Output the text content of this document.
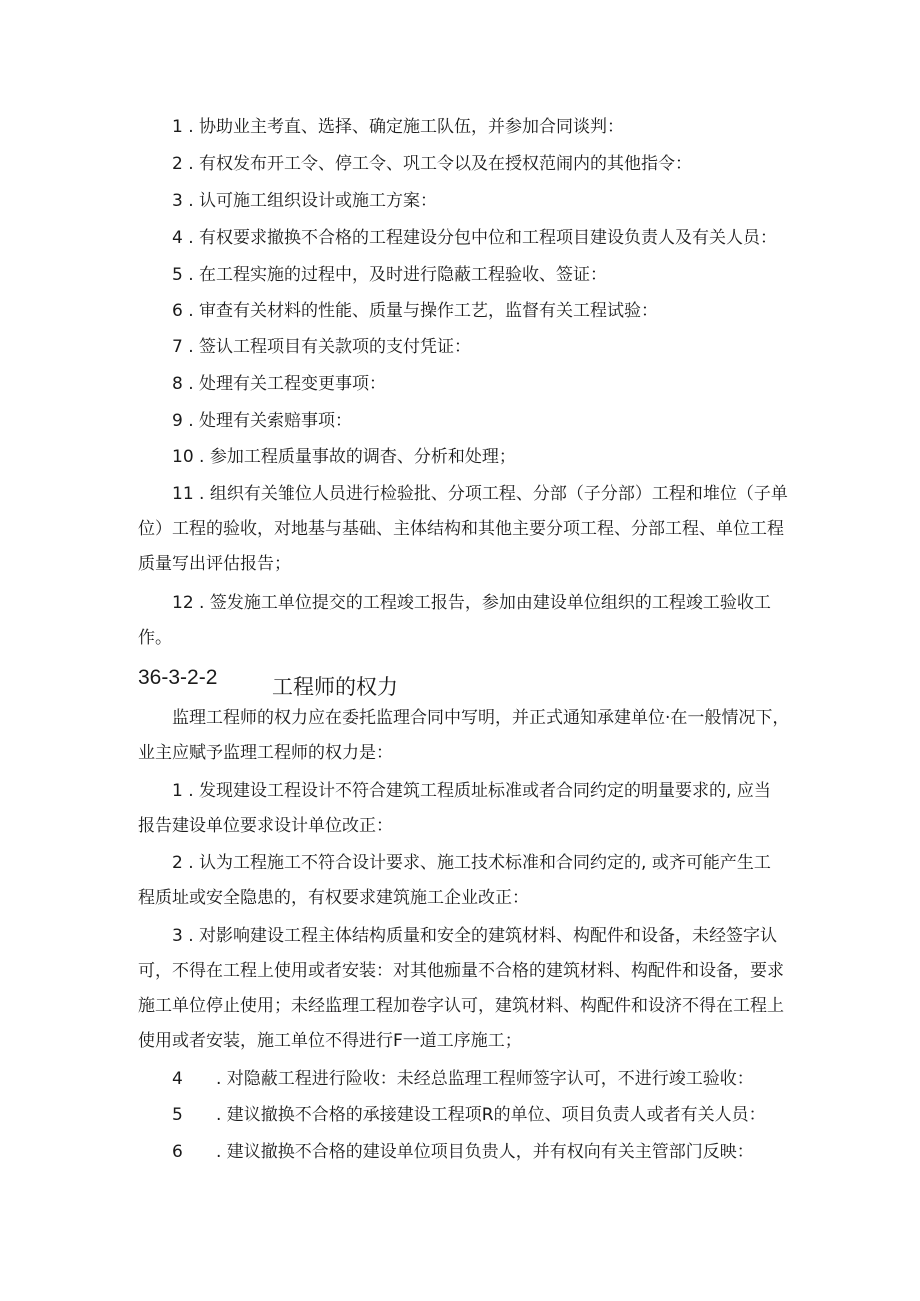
1 . 协助业主考直、选择、确定施工队伍，并参加合同谈判：
2 . 有权发布开工令、停工令、巩工令以及在授权范闹内的其他指令：
3 . 认可施工组织设计或施工方案：
4 . 有权要求撤换不合格的工程建设分包中位和工程项目建设负责人及有关人员：
5 . 在工程实施的过程中，及时进行隐蔽工程验收、签证：
6 . 审查有关材料的性能、质量与操作工艺，监督有关工程试验：
7 . 签认工程项目有关款项的支付凭证：
8 . 处理有关工程变更事项：
9 . 处理有关索赔事项：
10 . 参加工程质量事故的调杳、分析和处理；
11 . 组织有关雏位人员进行检验批、分项工程、分部（子分部）工程和堆位（子单
位）工程的验收，对地基与基础、主体结构和其他主要分项工程、分部工程、单位工程
质量写出评估报告；
12 . 签发施工单位提交的工程竣工报告，参加由建设单位组织的工程竣工验收工
作。
36-3-2-2	工程师的权力
监理工程师的权力应在委托监理合同中写明，并正式通知承建单位·在一般情况下，
业主应赋予监理工程师的权力是：
1 . 发现建设工程设计不符合建筑工程质址标准或者合同约定的明量要求的, 应当
报告建设单位要求设计单位改正：
2 . 认为工程施工不符合设计要求、施工技术标准和合同约定的, 或齐可能产生工
程质址或安全隐患的，有权要求建筑施工企业改正：
3 . 对影响建设工程主体结构质量和安全的建筑材料、构配件和设备，未经签字认
可，不得在工程上使用或者安装：对其他痂量不合格的建筑材料、构配件和设备，要求
施工单位停止使用；未经监理工程加卷字认可，建筑材料、构配件和设济不得在工程上
使用或者安装，施工单位不得进行F一道工序施工；
4 . 对隐蔽工程进行险收：未经总监理工程师签字认可，不进行竣工验收：
5 . 建议撤换不合格的承接建设工程项R的单位、项目负责人或者有关人员：
6 . 建议撤换不合格的建设单位项目负贵人，并有权向有关主管部门反映：
